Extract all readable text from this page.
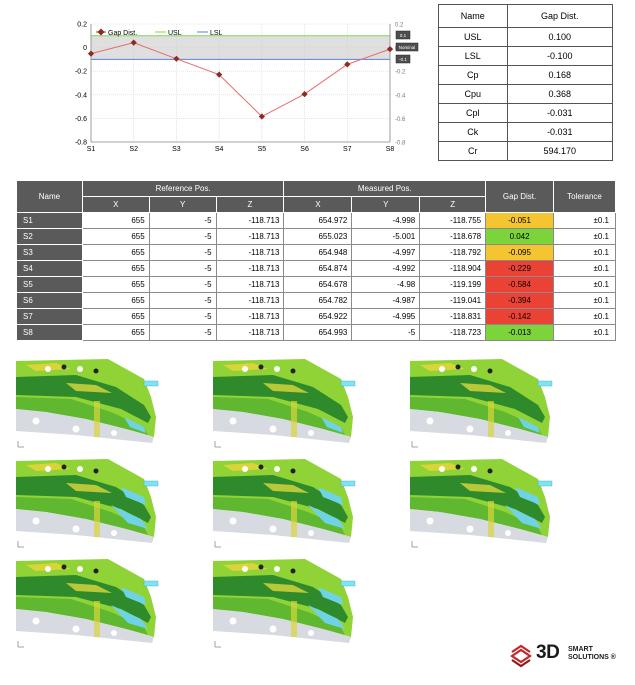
0.2
0
-0.2
-0.4
-0.6
-0.8
0.2
-0.2
-0.4
-0.6
-0.8
S1	S2	S3	S4	S5	S6	S7	S8
Gap Dist.	USL	LSL	0.1
Nominal
-0.1
Name	Gap Dist.
USL	0.100
LSL	-0.100
Cp	0.168
Cpu	0.368
Cpl	-0.031
Ck	-0.031
Cr	594.170
Name	Reference Pos.			Measured Pos.			Gap Dist.	Tolerance
	X	Y	Z	X	Y	Z		
S1	655	-5	-118.713	654.972	-4.998	-118.755	-0.051	±0.1
S2	655	-5	-118.713	655.023	-5.001	-118.678	0.042	±0.1
S3	655	-5	-118.713	654.948	-4.997	-118.792	-0.095	±0.1
S4	655	-5	-118.713	654.874	-4.992	-118.904	-0.229	±0.1
S5	655	-5	-118.713	654.678	-4.98	-119.199	-0.584	±0.1
S6	655	-5	-118.713	654.782	-4.987	-119.041	-0.394	±0.1
S7	655	-5	-118.713	654.922	-4.995	-118.831	-0.142	±0.1
S8	655	-5	-118.713	654.993	-5	-118.723	-0.013	±0.1
3D SMART
SOLUTIONS ®
